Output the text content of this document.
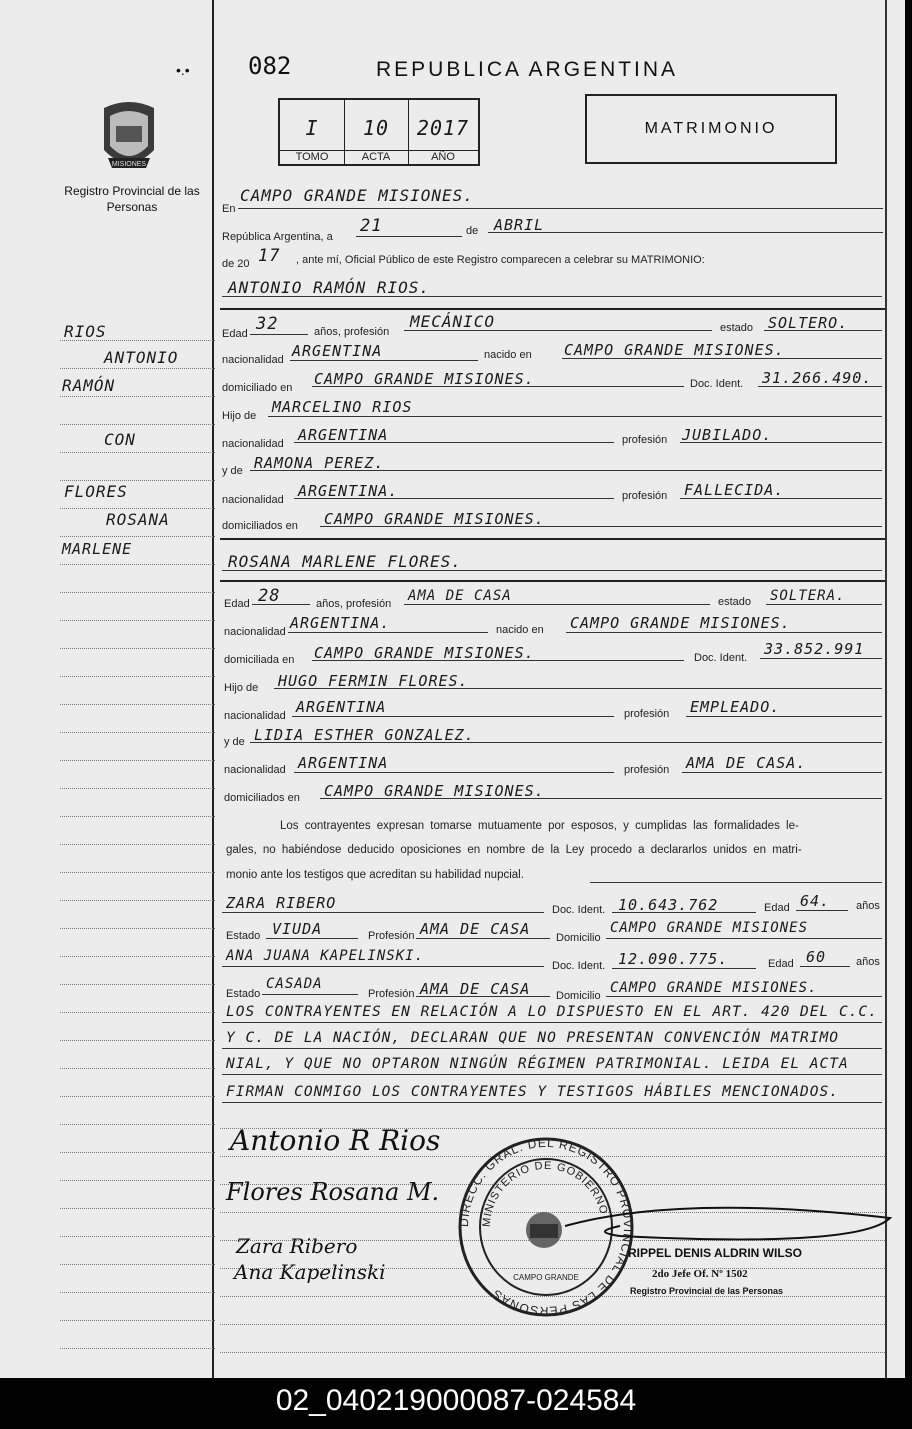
•.•
MISIONES
Registro Provincial de las Personas
082	REPUBLICA ARGENTINA
I
TOMO
10
ACTA
2017
AÑO
MATRIMONIO
RIOS
ANTONIO
RAMÓN
CON
FLORES
ROSANA
MARLENE
En
CAMPO GRANDE MISIONES.
República Argentina, a
21	de ABRIL
de 20 17 , ante mí, Oficial Público de este Registro comparecen a celebrar su MATRIMONIO:
ANTONIO RAMÓN RIOS.
Edad 32	años, profesión
MECÁNICO	estado SOLTERO.
nacionalidad ARGENTINA	nacido en CAMPO GRANDE MISIONES.
domiciliado en CAMPO GRANDE MISIONES.	Doc. Ident. 31.266.490.
Hijo de MARCELINO RIOS
nacionalidad ARGENTINA	profesión JUBILADO.
y de RAMONA PEREZ.
nacionalidad ARGENTINA.	profesión FALLECIDA.
domiciliados en CAMPO GRANDE MISIONES.
ROSANA MARLENE FLORES.
Edad 28	años, profesión AMA DE CASA	estado SOLTERA.
nacionalidad ARGENTINA.	nacido en CAMPO GRANDE MISIONES.
domiciliada en CAMPO GRANDE MISIONES.	Doc. Ident. 33.852.991
Hijo de HUGO FERMIN FLORES.
nacionalidad ARGENTINA	profesión EMPLEADO.
y de LIDIA ESTHER GONZALEZ.
nacionalidad ARGENTINA	profesión AMA DE CASA.
domiciliados en CAMPO GRANDE MISIONES.
Los contrayentes expresan tomarse mutuamente por esposos, y cumplidas las formalidades le-
gales, no habiéndose deducido oposiciones en nombre de la Ley procedo a declararlos unidos en matri-
monio ante los testigos que acreditan su habilidad nupcial.
ZARA RIBERO	Doc. Ident. 10.643.762	Edad 64. años
Estado VIUDA	Profesión AMA DE CASA Domicilio
CAMPO GRANDE MISIONES
ANA JUANA KAPELINSKI.
Doc. Ident. 12.090.775.	Edad 60	años
Estado
CASADA
Profesión AMA DE CASA Domicilio CAMPO GRANDE MISIONES.
LOS CONTRAYENTES EN RELACIÓN A LO DISPUESTO EN EL ART. 420 DEL C.C.
Y C. DE LA NACIÓN, DECLARAN QUE NO PRESENTAN CONVENCIÓN MATRIMO
NIAL, Y QUE NO OPTARON NINGÚN RÉGIMEN PATRIMONIAL. LEIDA EL ACTA
FIRMAN CONMIGO LOS CONTRAYENTES Y TESTIGOS HÁBILES MENCIONADOS.
Antonio R Rios
Flores Rosana M.
Zara Ribero
Ana Kapelinski
DIRECC. GRAL. DEL REGISTRO PROVINCIAL DE LAS PERSONAS
MINISTERIO DE GOBIERNO
CAMPO GRANDE
RIPPEL DENIS ALDRIN WILSO
2do Jefe Of. Nº 1502
Registro Provincial de las Personas
02_040219000087-024584
